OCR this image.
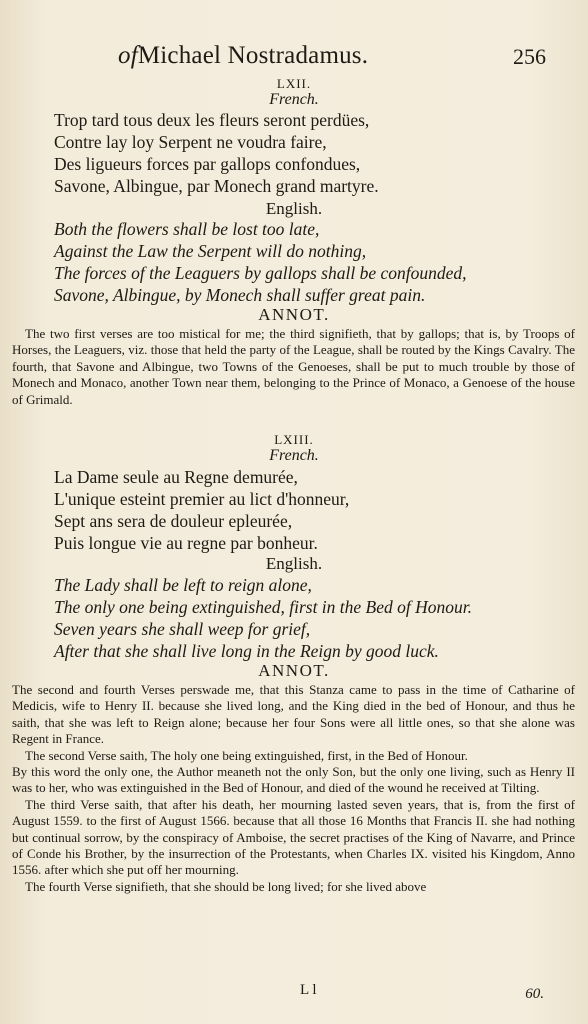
ofMichael Nostradamus.	256
LXII.
French.
Trop tard tous deux les fleurs seront perdües,
Contre lay loy Serpent ne voudra faire,
Des ligueurs forces par gallops confondues,
Savone, Albingue, par Monech grand martyre.
English.
Both the flowers shall be lost too late,
Against the Law the Serpent will do nothing,
The forces of the Leaguers by gallops shall be confounded,
Savone, Albingue, by Monech shall suffer great pain.
ANNOT.

The two first verses are too mistical for me; the third signifieth, that by gallops; that is, by Troops of Horses, the Leaguers, viz. those that held the party of the League, shall be routed by the Kings Cavalry. The fourth, that Savone and Albingue, two Towns of the Genoeses, shall be put to much trouble by those of Monech and Monaco, another Town near them, belonging to the Prince of Monaco, a Genoese of the house of Grimald.

LXIII.
French.
La Dame seule au Regne demurée,
L'unique esteint premier au lict d'honneur,
Sept ans sera de douleur epleurée,
Puis longue vie au regne par bonheur.
English.
The Lady shall be left to reign alone,
The only one being extinguished, first in the Bed of Honour.
Seven years she shall weep for grief,
After that she shall live long in the Reign by good luck.
ANNOT.

The second and fourth Verses perswade me, that this Stanza came to pass in the time of Catharine of Medicis, wife to Henry II. because she lived long, and the King died in the bed of Honour, and thus he saith, that she was left to Reign alone; because her four Sons were all little ones, so that she alone was Regent in France.

The second Verse saith, The holy one being extinguished, first, in the Bed of Honour.

By this word the only one, the Author meaneth not the only Son, but the only one living, such as Henry II was to her, who was extinguished in the Bed of Honour, and died of the wound he received at Tilting.

The third Verse saith, that after his death, her mourning lasted seven years, that is, from the first of August 1559. to the first of August 1566. because that all those 16 Months that Francis II. she had nothing but continual sorrow, by the conspiracy of Amboise, the secret practises of the King of Navarre, and Prince of Conde his Brother, by the insurrection of the Protestants, when Charles IX. visited his Kingdom, Anno 1556. after which she put off her mourning.

The fourth Verse signifieth, that she should be long lived; for she lived above

L l	60.
